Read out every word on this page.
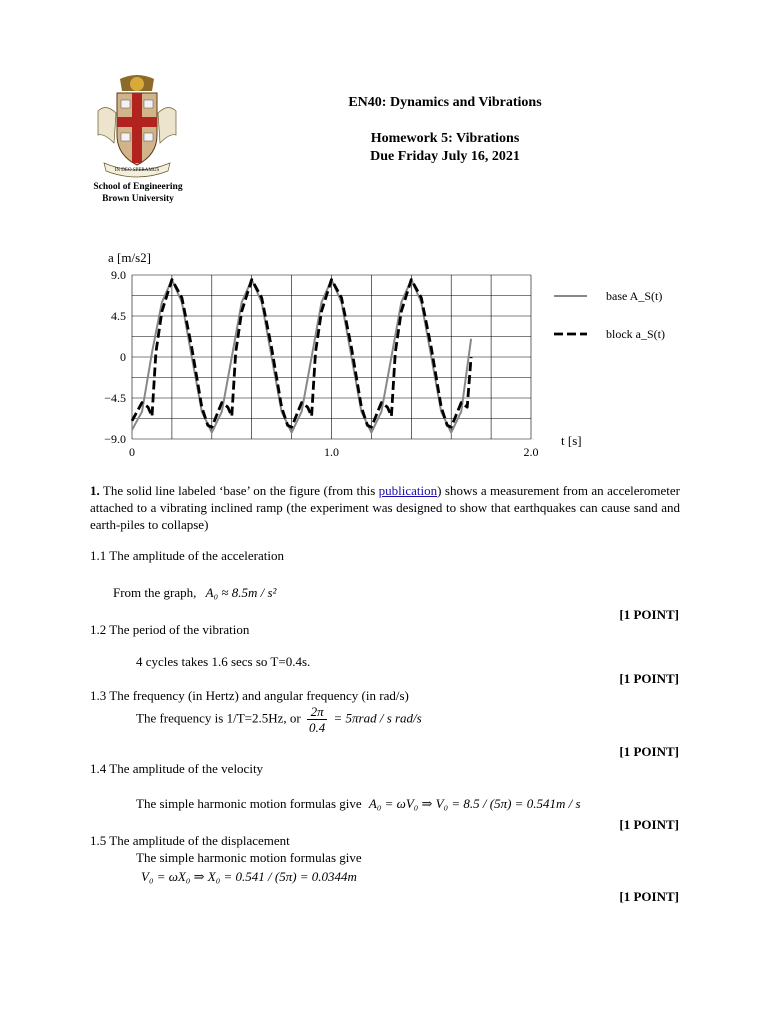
IN DEO SPERAMUS
School of Engineering
Brown University
EN40: Dynamics and Vibrations
Homework 5: Vibrations
Due Friday July 16, 2021
9.0
4.5
0
−4.5
−9.0
0	1.0	2.0
a [m/s2]
t [s]
base A_S(t)
block a_S(t)
1. The solid line labeled ‘base’ on the figure (from this publication) shows a measurement from an accelerometer attached to a vibrating inclined ramp (the experiment was designed to show that earthquakes can cause sand and earth-piles to collapse)
1.1 The amplitude of the acceleration
From the graph, A₀ ≈ 8.5m / s²
[1 POINT]
1.2 The period of the vibration
4 cycles takes 1.6 secs so T=0.4s.
[1 POINT]
1.3 The frequency (in Hertz) and angular frequency (in rad/s)
The frequency is 1/T=2.5Hz, or $\frac{2\pi}{0.4} = 5\pi rad / s$ rad/s
[1 POINT]
1.4 The amplitude of the velocity
The simple harmonic motion formulas give A₀ = ωV₀ ⇒ V₀ = 8.5 / (5π) = 0.541m / s
[1 POINT]
1.5 The amplitude of the displacement
The simple harmonic motion formulas give
V₀ = ωX₀ ⇒ X₀ = 0.541 / (5π) = 0.0344m
[1 POINT]
